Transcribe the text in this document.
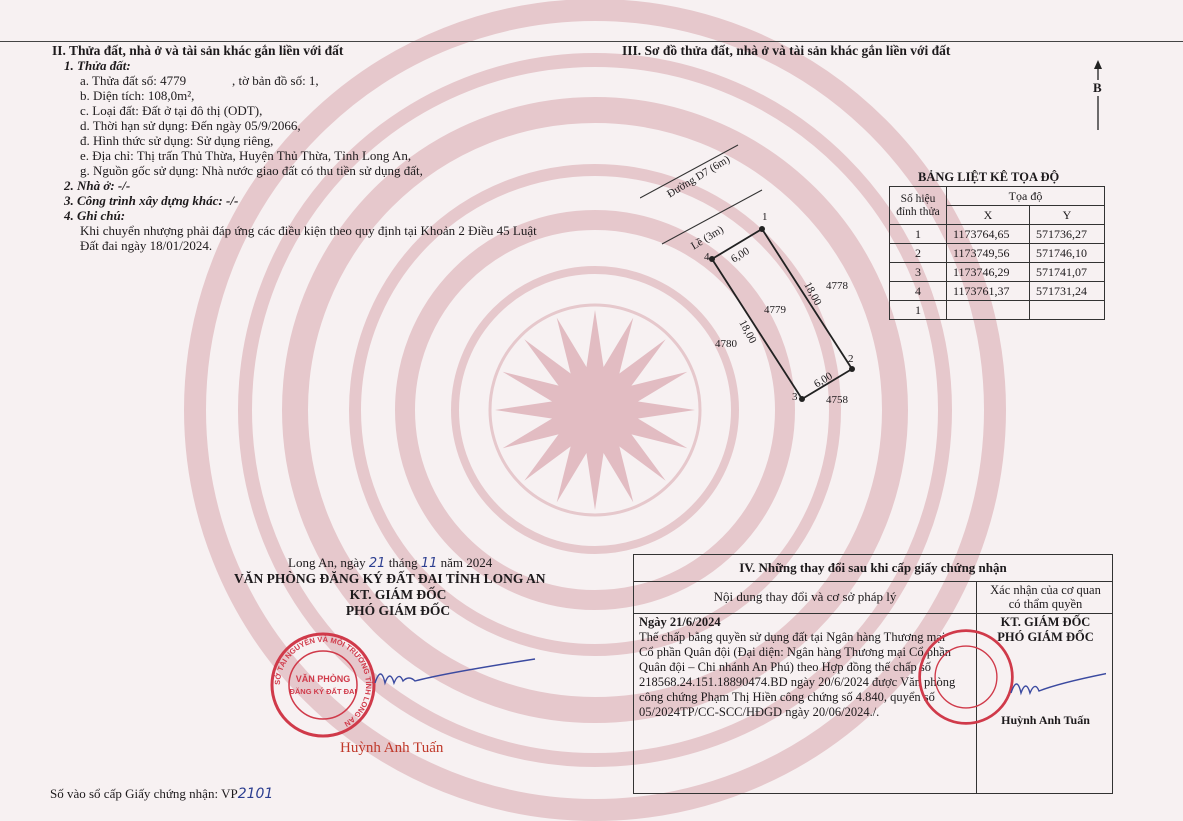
II. Thửa đất, nhà ở và tài sản khác gắn liền với đất
1. Thửa đất:
a. Thửa đất số: 4779	, tờ bản đồ số: 1,
b. Diện tích: 108,0m²,
c. Loại đất: Đất ở tại đô thị (ODT),
d. Thời hạn sử dụng: Đến ngày 05/9/2066,
đ. Hình thức sử dụng: Sử dụng riêng,
e. Địa chỉ: Thị trấn Thủ Thừa, Huyện Thủ Thừa, Tỉnh Long An,
g. Nguồn gốc sử dụng: Nhà nước giao đất có thu tiền sử dụng đất,
2. Nhà ở: -/-
3. Công trình xây dựng khác: -/-
4. Ghi chú:
Khi chuyển nhượng phải đáp ứng các điều kiện theo quy định tại Khoản 2 Điều 45 Luật
Đất đai ngày 18/01/2024.
III. Sơ đồ thửa đất, nhà ở và tài sản khác gắn liền với đất
B
Đường D7 (6m)
Lề (3m)
6,00
18,00
18,00
6,00
4779
4778
4780
4758
1
2
3
4
BẢNG LIỆT KÊ TỌA ĐỘ
Số hiệu đỉnh thửa	Tọa độ	
	X	Y
1	1173764,65	571736,27
2	1173749,56	571746,10
3	1173746,29	571741,07
4	1173761,37	571731,24
1		
Long An, ngày 21 tháng 11 năm 2024
VĂN PHÒNG ĐĂNG KÝ ĐẤT ĐAI TỈNH LONG AN
KT. GIÁM ĐỐC
PHÓ GIÁM ĐỐC
SỞ TÀI NGUYÊN VÀ MÔI TRƯỜNG TỈNH LONG AN
VĂN PHÒNG
ĐĂNG KÝ ĐẤT ĐAI
Huỳnh Anh Tuấn
Số vào sổ cấp Giấy chứng nhận: VP2101
IV. Những thay đổi sau khi cấp giấy chứng nhận
Nội dung thay đổi và cơ sở pháp lý	Xác nhận của cơ quan
có thẩm quyền
Ngày 21/6/2024
Thế chấp bằng quyền sử dụng đất tại Ngân hàng Thương mại
Cổ phần Quân đội (Đại diện: Ngân hàng Thương mại Cổ phần
Quân đội – Chi nhánh An Phú) theo Hợp đồng thế chấp số
218568.24.151.18890474.BD ngày 20/6/2024 được Văn phòng
công chứng Phạm Thị Hiền công chứng số 4.840, quyển số
05/2024TP/CC-SCC/HĐGD ngày 20/06/2024./.
KT. GIÁM ĐỐC
PHÓ GIÁM ĐỐC
Huỳnh Anh Tuấn
